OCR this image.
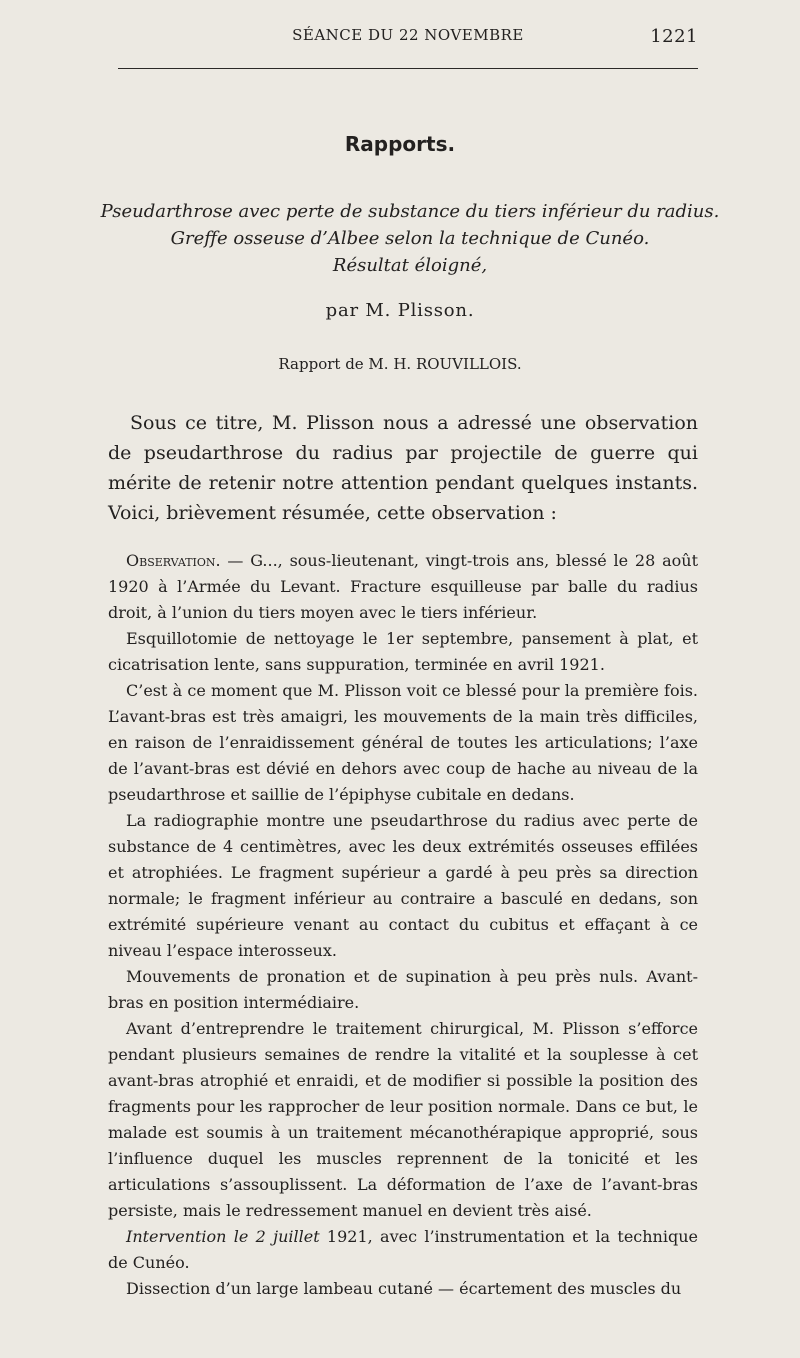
SÉANCE DU 22 NOVEMBRE	1221
Rapports.
Pseudarthrose avec perte de substance du tiers inférieur du radius.
Greffe osseuse d’Albee selon la technique de Cunéo.
Résultat éloigné,
par M. Plisson.
Rapport de M. H. ROUVILLOIS.

Sous ce titre, M. Plisson nous a adressé une observation de pseudarthrose du radius par projectile de guerre qui mérite de retenir notre attention pendant quelques instants. Voici, brièvement résumée, cette observation :

Observation. — G..., sous-lieutenant, vingt-trois ans, blessé le 28 août 1920 à l’Armée du Levant. Fracture esquilleuse par balle du radius droit, à l’union du tiers moyen avec le tiers inférieur.

Esquillotomie de nettoyage le 1er septembre, pansement à plat, et cicatrisation lente, sans suppuration, terminée en avril 1921.

C’est à ce moment que M. Plisson voit ce blessé pour la première fois. L’avant-bras est très amaigri, les mouvements de la main très difficiles, en raison de l’enraidissement général de toutes les articulations; l’axe de l’avant-bras est dévié en dehors avec coup de hache au niveau de la pseudarthrose et saillie de l’épiphyse cubitale en dedans.

La radiographie montre une pseudarthrose du radius avec perte de substance de 4 centimètres, avec les deux extrémités osseuses effilées et atrophiées. Le fragment supérieur a gardé à peu près sa direction normale; le fragment inférieur au contraire a basculé en dedans, son extrémité supérieure venant au contact du cubitus et effaçant à ce niveau l’espace interosseux.

Mouvements de pronation et de supination à peu près nuls. Avant-bras en position intermédiaire.

Avant d’entreprendre le traitement chirurgical, M. Plisson s’efforce pendant plusieurs semaines de rendre la vitalité et la souplesse à cet avant-bras atrophié et enraidi, et de modifier si possible la position des fragments pour les rapprocher de leur position normale. Dans ce but, le malade est soumis à un traitement mécanothérapique approprié, sous l’influence duquel les muscles reprennent de la tonicité et les articulations s’assouplissent. La déformation de l’axe de l’avant-bras persiste, mais le redressement manuel en devient très aisé.

Intervention le 2 juillet 1921, avec l’instrumentation et la technique de Cunéo.

Dissection d’un large lambeau cutané — écartement des muscles du
